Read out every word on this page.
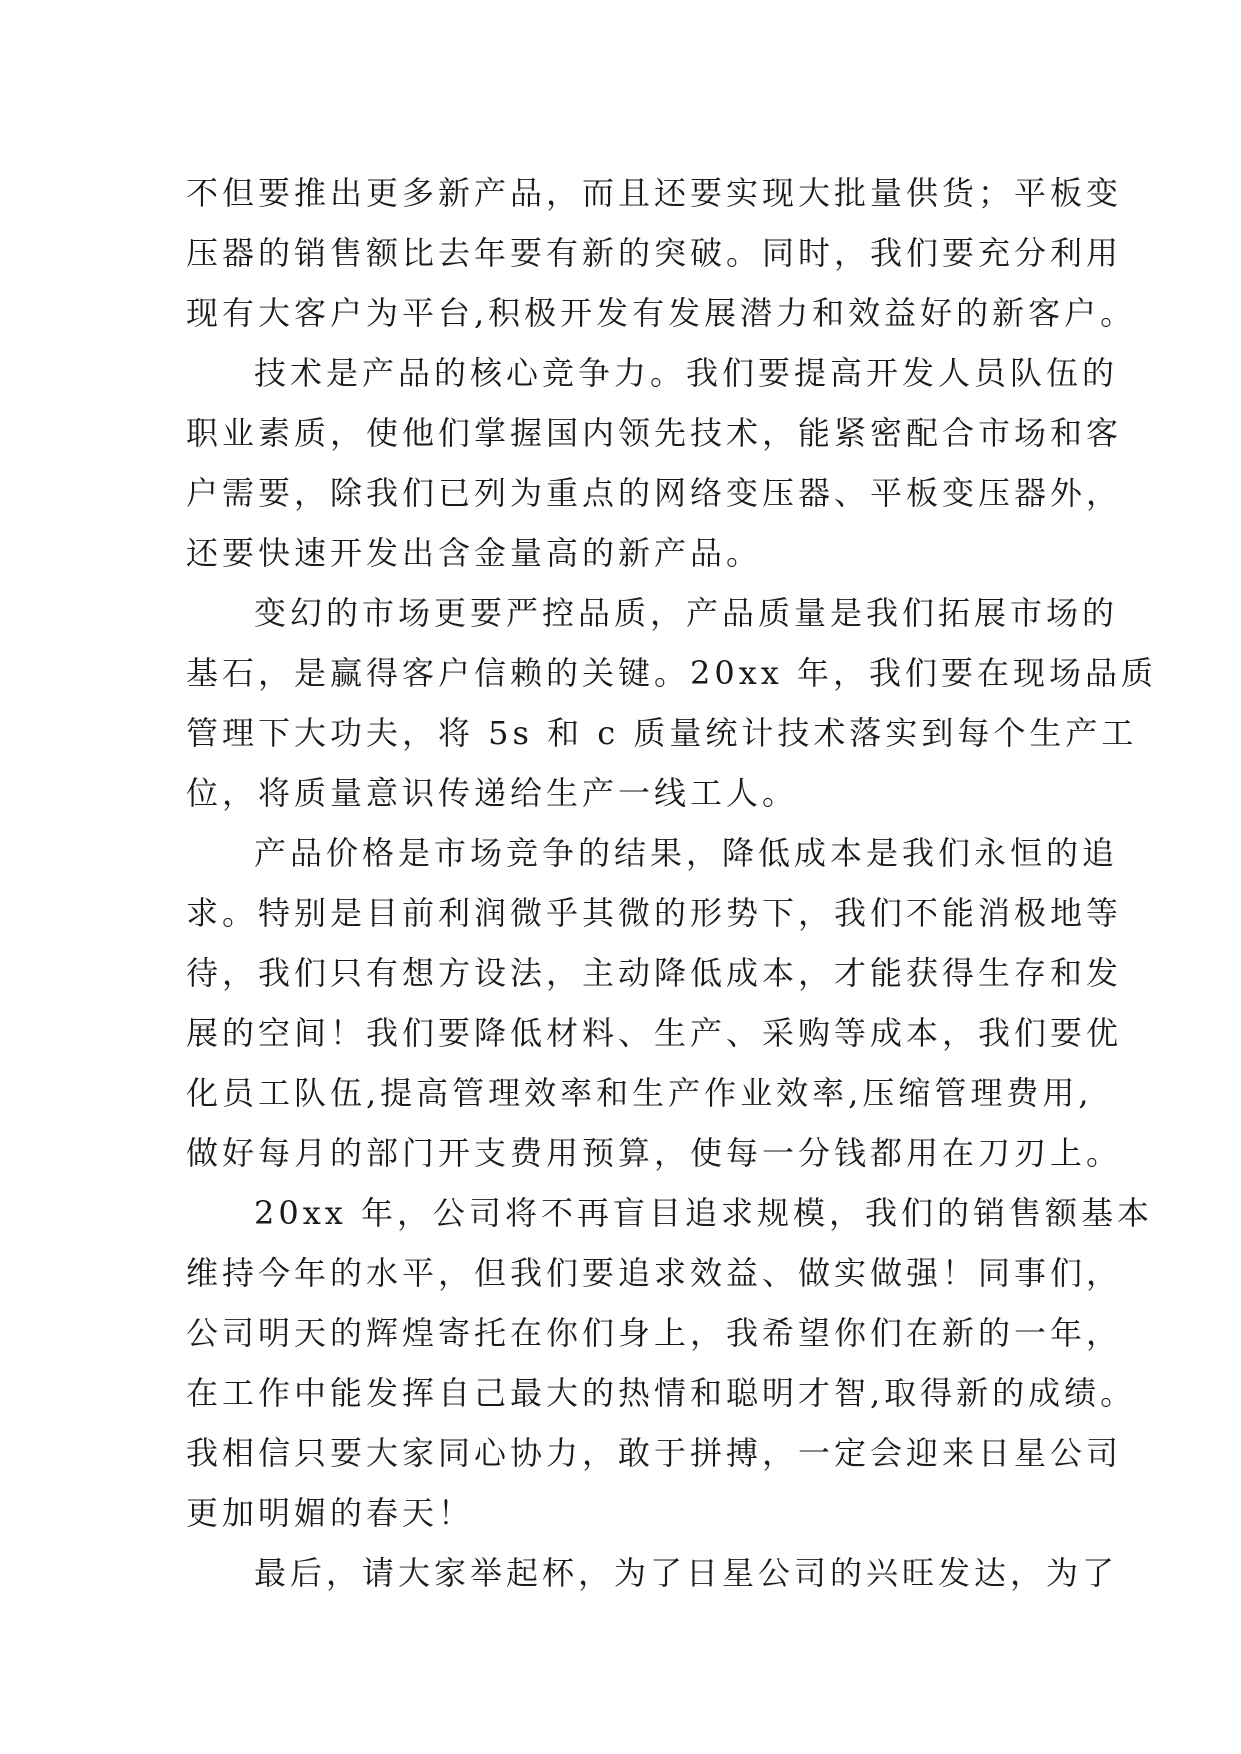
不但要推出更多新产品，而且还要实现大批量供货；平板变
压器的销售额比去年要有新的突破。同时，我们要充分利用
现有大客户为平台,积极开发有发展潜力和效益好的新客户。
技术是产品的核心竞争力。我们要提高开发人员队伍的
职业素质，使他们掌握国内领先技术，能紧密配合市场和客
户需要，除我们已列为重点的网络变压器、平板变压器外，
还要快速开发出含金量高的新产品。
变幻的市场更要严控品质，产品质量是我们拓展市场的
基石，是赢得客户信赖的关键。20xx 年，我们要在现场品质
管理下大功夫，将 5s 和 c 质量统计技术落实到每个生产工
位，将质量意识传递给生产一线工人。
产品价格是市场竞争的结果，降低成本是我们永恒的追
求。特别是目前利润微乎其微的形势下，我们不能消极地等
待，我们只有想方设法，主动降低成本，才能获得生存和发
展的空间！我们要降低材料、生产、采购等成本，我们要优
化员工队伍,提高管理效率和生产作业效率,压缩管理费用,
做好每月的部门开支费用预算，使每一分钱都用在刀刃上。
20xx 年，公司将不再盲目追求规模，我们的销售额基本
维持今年的水平，但我们要追求效益、做实做强！同事们，
公司明天的辉煌寄托在你们身上，我希望你们在新的一年，
在工作中能发挥自己最大的热情和聪明才智,取得新的成绩。
我相信只要大家同心协力，敢于拼搏，一定会迎来日星公司
更加明媚的春天！
最后，请大家举起杯，为了日星公司的兴旺发达，为了
